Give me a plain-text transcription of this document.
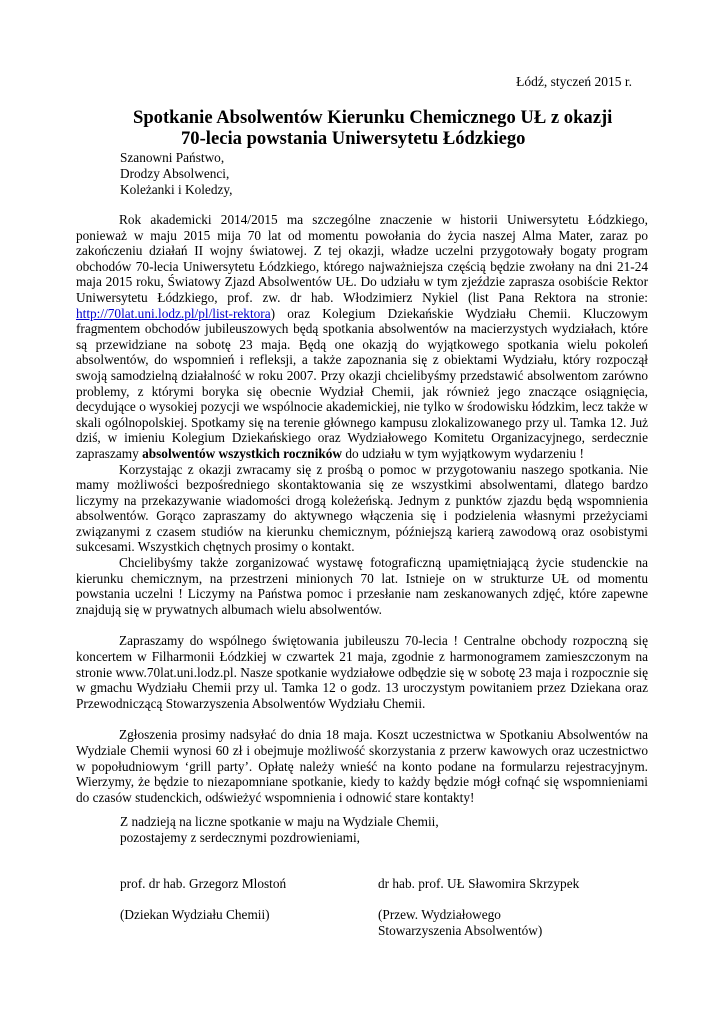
Łódź, styczeń 2015 r.
Spotkanie Absolwentów Kierunku Chemicznego UŁ z okazji
70-lecia powstania Uniwersytetu Łódzkiego
Szanowni Państwo,
Drodzy Absolwenci,
Koleżanki i Koledzy,

Rok akademicki 2014/2015 ma szczególne znaczenie w historii Uniwersytetu Łódzkiego, ponieważ w maju 2015 mija 70 lat od momentu powołania do życia naszej Alma Mater, zaraz po zakończeniu działań II wojny światowej. Z tej okazji, władze uczelni przygotowały bogaty program obchodów 70-lecia Uniwersytetu Łódzkiego, którego najważniejsza częścią będzie zwołany na dni 21-24 maja 2015 roku, Światowy Zjazd Absolwentów UŁ. Do udziału w tym zjeździe zaprasza osobiście Rektor Uniwersytetu Łódzkiego, prof. zw. dr hab. Włodzimierz Nykiel (list Pana Rektora na stronie: http://70lat.uni.lodz.pl/pl/list-rektora) oraz Kolegium Dziekańskie Wydziału Chemii. Kluczowym fragmentem obchodów jubileuszowych będą spotkania absolwentów na macierzystych wydziałach, które są przewidziane na sobotę 23 maja. Będą one okazją do wyjątkowego spotkania wielu pokoleń absolwentów, do wspomnień i refleksji, a także zapoznania się z obiektami Wydziału, który rozpoczął swoją samodzielną działalność w roku 2007. Przy okazji chcielibyśmy przedstawić absolwentom zarówno problemy, z którymi boryka się obecnie Wydział Chemii, jak również jego znaczące osiągnięcia, decydujące o wysokiej pozycji we wspólnocie akademickiej, nie tylko w środowisku łódzkim, lecz także w skali ogólnopolskiej. Spotkamy się na terenie głównego kampusu zlokalizowanego przy ul. Tamka 12. Już dziś, w imieniu Kolegium Dziekańskiego oraz Wydziałowego Komitetu Organizacyjnego, serdecznie zapraszamy absolwentów wszystkich roczników do udziału w tym wyjątkowym wydarzeniu !

Korzystając z okazji zwracamy się z prośbą o pomoc w przygotowaniu naszego spotkania. Nie mamy możliwości bezpośredniego skontaktowania się ze wszystkimi absolwentami, dlatego bardzo liczymy na przekazywanie wiadomości drogą koleżeńską. Jednym z punktów zjazdu będą wspomnienia absolwentów. Gorąco zapraszamy do aktywnego włączenia się i podzielenia własnymi przeżyciami związanymi z czasem studiów na kierunku chemicznym, późniejszą karierą zawodową oraz osobistymi sukcesami. Wszystkich chętnych prosimy o kontakt.

Chcielibyśmy także zorganizować wystawę fotograficzną upamiętniającą życie studenckie na kierunku chemicznym, na przestrzeni minionych 70 lat. Istnieje on w strukturze UŁ od momentu powstania uczelni ! Liczymy na Państwa pomoc i przesłanie nam zeskanowanych zdjęć, które zapewne znajdują się w prywatnych albumach wielu absolwentów.

Zapraszamy do wspólnego świętowania jubileuszu 70-lecia ! Centralne obchody rozpoczną się koncertem w Filharmonii Łódzkiej w czwartek 21 maja, zgodnie z harmonogramem zamieszczonym na stronie www.70lat.uni.lodz.pl. Nasze spotkanie wydziałowe odbędzie się w sobotę 23 maja i rozpocznie się w gmachu Wydziału Chemii przy ul. Tamka 12 o godz. 13 uroczystym powitaniem przez Dziekana oraz Przewodniczącą Stowarzyszenia Absolwentów Wydziału Chemii.

Zgłoszenia prosimy nadsyłać do dnia 18 maja. Koszt uczestnictwa w Spotkaniu Absolwentów na Wydziale Chemii wynosi 60 zł i obejmuje możliwość skorzystania z przerw kawowych oraz uczestnictwo w popołudniowym ‘grill party’. Opłatę należy wnieść na konto podane na formularzu rejestracyjnym. Wierzymy, że będzie to niezapomniane spotkanie, kiedy to każdy będzie mógł cofnąć się wspomnieniami do czasów studenckich, odświeżyć wspomnienia i odnowić stare kontakty!

Z nadzieją na liczne spotkanie w maju na Wydziale Chemii,
pozostajemy z serdecznymi pozdrowieniami,
prof. dr hab. Grzegorz Mlostoń
(Dziekan Wydziału Chemii)
dr hab. prof. UŁ Sławomira Skrzypek
(Przew. Wydziałowego
Stowarzyszenia Absolwentów)
